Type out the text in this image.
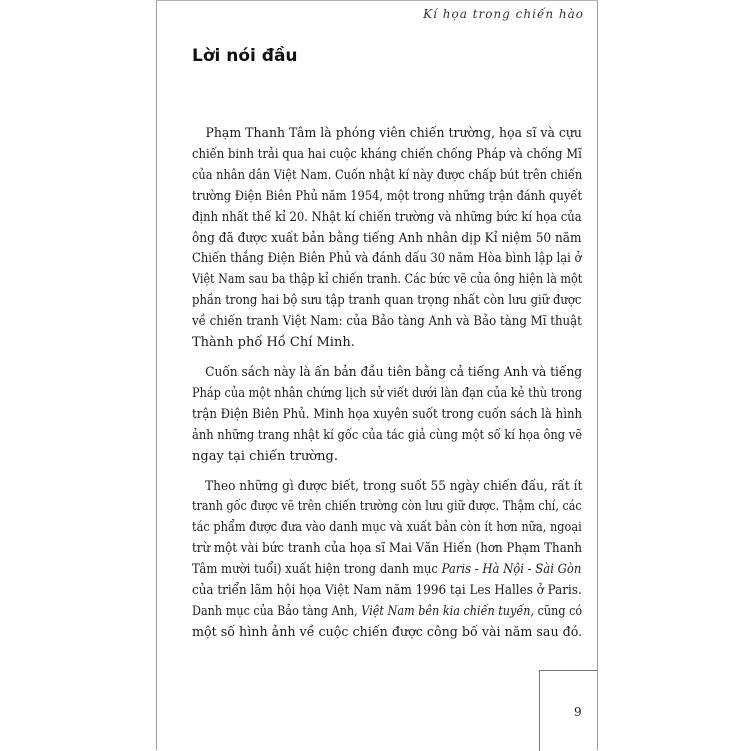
Kí họa trong chiến hào
Lời nói đầu
Phạm Thanh Tâm là phóng viên chiến trường, họa sĩ và cựu
chiến binh trải qua hai cuộc kháng chiến chống Pháp và chống Mĩ
của nhân dân Việt Nam. Cuốn nhật kí này được chấp bút trên chiến
trường Điện Biên Phủ năm 1954, một trong những trận đánh quyết
định nhất thế kỉ 20. Nhật kí chiến trường và những bức kí họa của
ông đã được xuất bản bằng tiếng Anh nhân dịp Kỉ niệm 50 năm
Chiến thắng Điện Biên Phủ và đánh dấu 30 năm Hòa bình lập lại ở
Việt Nam sau ba thập kỉ chiến tranh. Các bức vẽ của ông hiện là một
phần trong hai bộ sưu tập tranh quan trọng nhất còn lưu giữ được
về chiến tranh Việt Nam: của Bảo tàng Anh và Bảo tàng Mĩ thuật
Thành phố Hồ Chí Minh.
Cuốn sách này là ấn bản đầu tiên bằng cả tiếng Anh và tiếng
Pháp của một nhân chứng lịch sử viết dưới làn đạn của kẻ thù trong
trận Điện Biên Phủ. Minh họa xuyên suốt trong cuốn sách là hình
ảnh những trang nhật kí gốc của tác giả cùng một số kí họa ông vẽ
ngay tại chiến trường.
Theo những gì được biết, trong suốt 55 ngày chiến đấu, rất ít
tranh gốc được vẽ trên chiến trường còn lưu giữ được. Thậm chí, các
tác phẩm được đưa vào danh mục và xuất bản còn ít hơn nữa, ngoại
trừ một vài bức tranh của họa sĩ Mai Văn Hiến (hơn Phạm Thanh
Tâm mười tuổi) xuất hiện trong danh mục Paris - Hà Nội - Sài Gòn
của triển lãm hội họa Việt Nam năm 1996 tại Les Halles ở Paris.
Danh mục của Bảo tàng Anh, Việt Nam bên kia chiến tuyến, cũng có
một số hình ảnh về cuộc chiến được công bố vài năm sau đó.
9
